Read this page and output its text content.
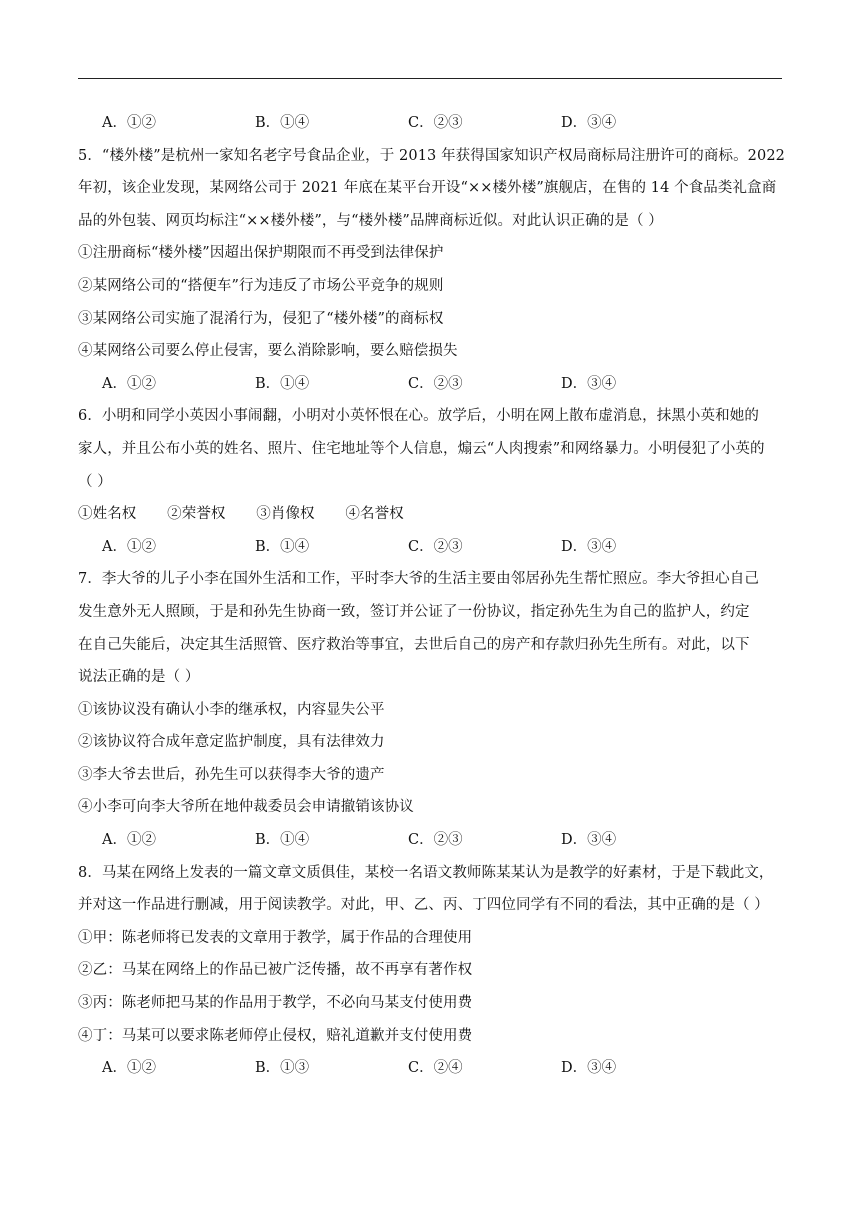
A．①②	B．①④	C．②③	D．③④
5．“楼外楼”是杭州一家知名老字号食品企业，于 2013 年获得国家知识产权局商标局注册许可的商标。2022
年初，该企业发现，某网络公司于 2021 年底在某平台开设“××楼外楼”旗舰店，在售的 14 个食品类礼盒商
品的外包装、网页均标注“××楼外楼”，与“楼外楼”品牌商标近似。对此认识正确的是（ ）
①注册商标“楼外楼”因超出保护期限而不再受到法律保护
②某网络公司的“搭便车”行为违反了市场公平竞争的规则
③某网络公司实施了混淆行为，侵犯了“楼外楼”的商标权
④某网络公司要么停止侵害，要么消除影响，要么赔偿损失
A．①②	B．①④	C．②③	D．③④
6．小明和同学小英因小事闹翻，小明对小英怀恨在心。放学后，小明在网上散布虚消息，抹黑小英和她的
家人，并且公布小英的姓名、照片、住宅地址等个人信息，煽云“人肉搜索”和网络暴力。小明侵犯了小英的
（ ）
①姓名权 ②荣誉权 ③肖像权 ④名誉权
A．①②	B．①④	C．②③	D．③④
7．李大爷的儿子小李在国外生活和工作，平时李大爷的生活主要由邻居孙先生帮忙照应。李大爷担心自己
发生意外无人照顾，于是和孙先生协商一致，签订并公证了一份协议，指定孙先生为自己的监护人，约定
在自己失能后，决定其生活照管、医疗救治等事宜，去世后自己的房产和存款归孙先生所有。对此，以下
说法正确的是（ ）
①该协议没有确认小李的继承权，内容显失公平
②该协议符合成年意定监护制度，具有法律效力
③李大爷去世后，孙先生可以获得李大爷的遗产
④小李可向李大爷所在地仲裁委员会申请撤销该协议
A．①②	B．①④	C．②③	D．③④
8．马某在网络上发表的一篇文章文质俱佳，某校一名语文教师陈某某认为是教学的好素材，于是下载此文，
并对这一作品进行删减，用于阅读教学。对此，甲、乙、丙、丁四位同学有不同的看法，其中正确的是（ ）
①甲：陈老师将已发表的文章用于教学，属于作品的合理使用
②乙：马某在网络上的作品已被广泛传播，故不再享有著作权
③丙：陈老师把马某的作品用于教学，不必向马某支付使用费
④丁：马某可以要求陈老师停止侵权，赔礼道歉并支付使用费
A．①②	B．①③	C．②④	D．③④
